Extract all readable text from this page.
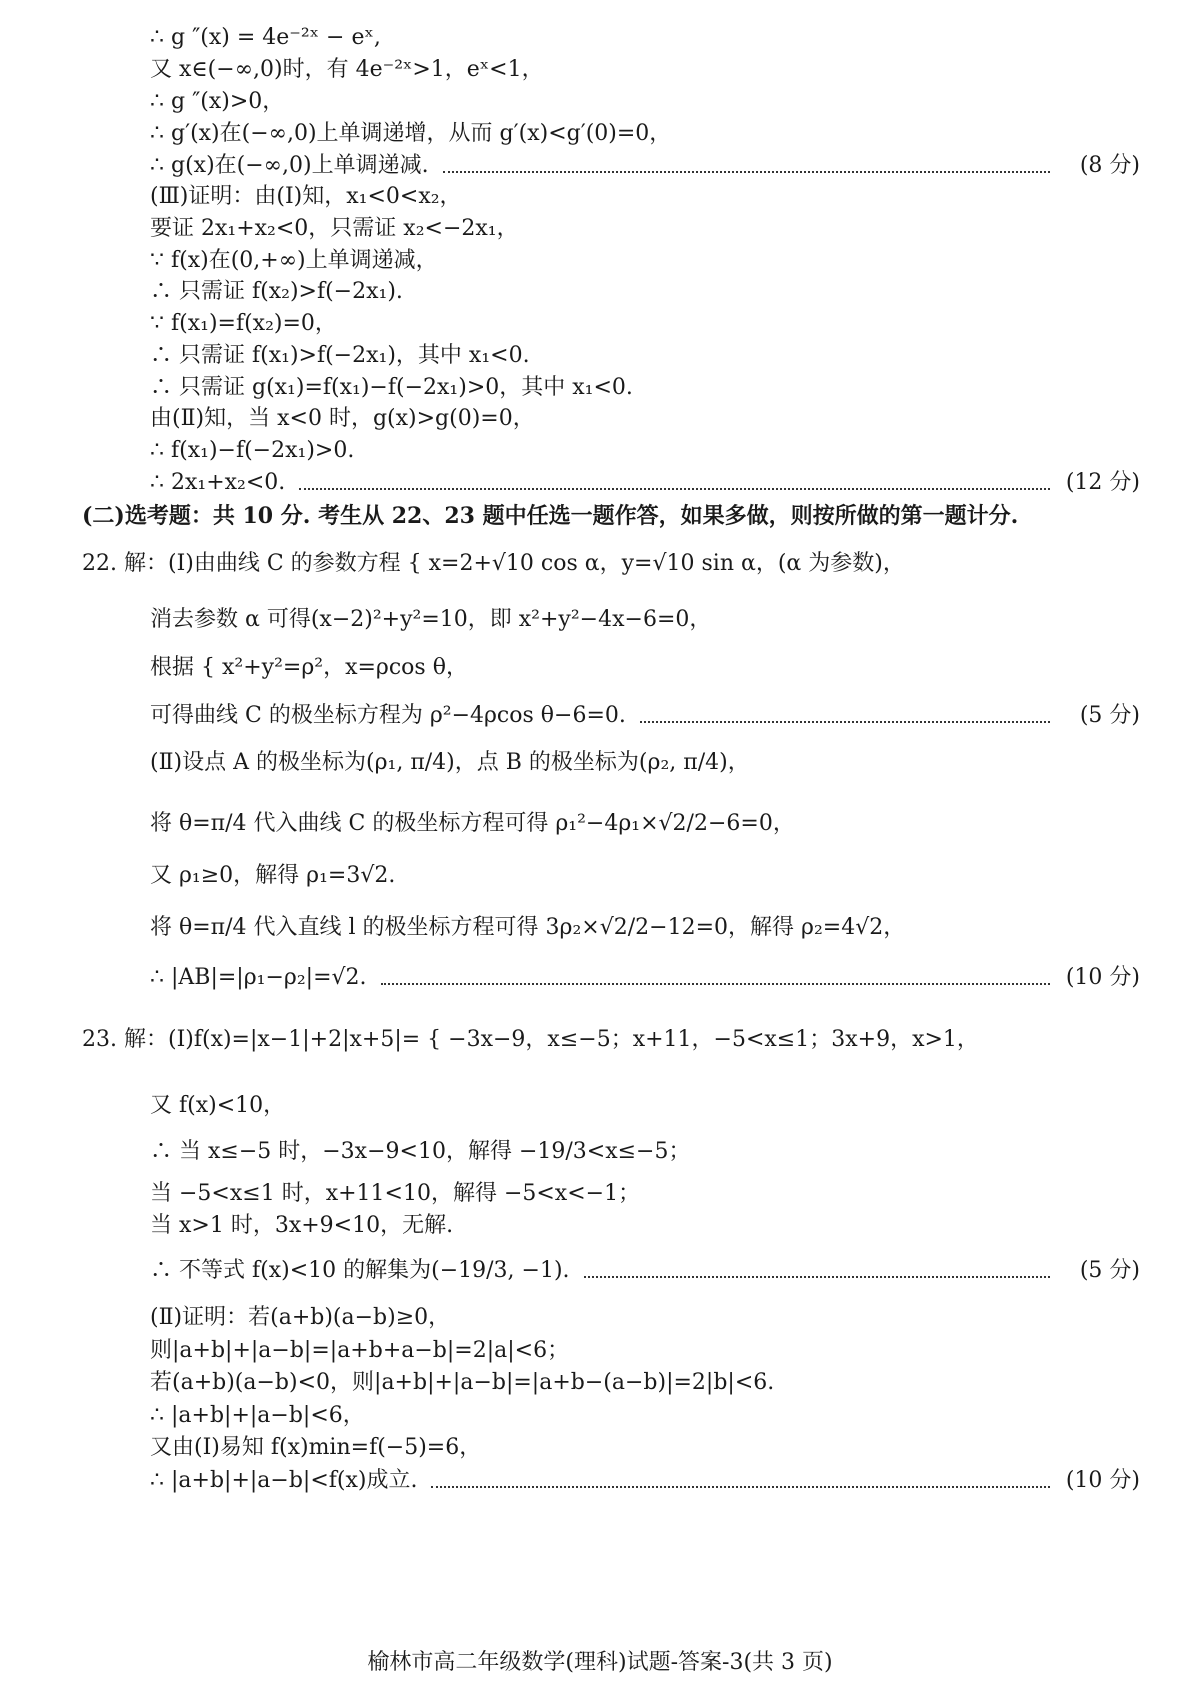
∴ g ″(x) = 4e⁻²ˣ − eˣ,
又 x∈(−∞,0)时，有 4e⁻²ˣ>1，eˣ<1，
∴ g ″(x)>0，
∴ g′(x)在(−∞,0)上单调递增，从而 g′(x)<g′(0)=0，
∴ g(x)在(−∞,0)上单调递减.	(8 分)
(Ⅲ)证明：由(Ⅰ)知，x₁<0<x₂，
要证 2x₁+x₂<0，只需证 x₂<−2x₁，
∵ f(x)在(0,+∞)上单调递减，
∴ 只需证 f(x₂)>f(−2x₁).
∵ f(x₁)=f(x₂)=0，
∴ 只需证 f(x₁)>f(−2x₁)，其中 x₁<0.
∴ 只需证 g(x₁)=f(x₁)−f(−2x₁)>0，其中 x₁<0.
由(Ⅱ)知，当 x<0 时，g(x)>g(0)=0，
∴ f(x₁)−f(−2x₁)>0.
∴ 2x₁+x₂<0.	(12 分)
(二)选考题：共 10 分. 考生从 22、23 题中任选一题作答，如果多做，则按所做的第一题计分.
22. 解：(Ⅰ)由曲线 C 的参数方程 { x=2+√10 cos α，y=√10 sin α，(α 为参数)，
消去参数 α 可得(x−2)²+y²=10，即 x²+y²−4x−6=0，
根据 { x²+y²=ρ²，x=ρcos θ，
可得曲线 C 的极坐标方程为 ρ²−4ρcos θ−6=0.	(5 分)
(Ⅱ)设点 A 的极坐标为(ρ₁, π/4)，点 B 的极坐标为(ρ₂, π/4)，
将 θ=π/4 代入曲线 C 的极坐标方程可得 ρ₁²−4ρ₁×√2/2−6=0，
又 ρ₁≥0，解得 ρ₁=3√2.
将 θ=π/4 代入直线 l 的极坐标方程可得 3ρ₂×√2/2−12=0，解得 ρ₂=4√2，
∴ |AB|=|ρ₁−ρ₂|=√2.	(10 分)
23. 解：(Ⅰ)f(x)=|x−1|+2|x+5|= { −3x−9，x≤−5；x+11，−5<x≤1；3x+9，x>1，
又 f(x)<10，
∴ 当 x≤−5 时，−3x−9<10，解得 −19/3<x≤−5；
当 −5<x≤1 时，x+11<10，解得 −5<x<−1；
当 x>1 时，3x+9<10，无解.
∴ 不等式 f(x)<10 的解集为(−19/3, −1).	(5 分)
(Ⅱ)证明：若(a+b)(a−b)≥0，
则|a+b|+|a−b|=|a+b+a−b|=2|a|<6；
若(a+b)(a−b)<0，则|a+b|+|a−b|=|a+b−(a−b)|=2|b|<6.
∴ |a+b|+|a−b|<6，
又由(Ⅰ)易知 f(x)min=f(−5)=6，
∴ |a+b|+|a−b|<f(x)成立.	(10 分)
榆林市高二年级数学(理科)试题-答案-3(共 3 页)
